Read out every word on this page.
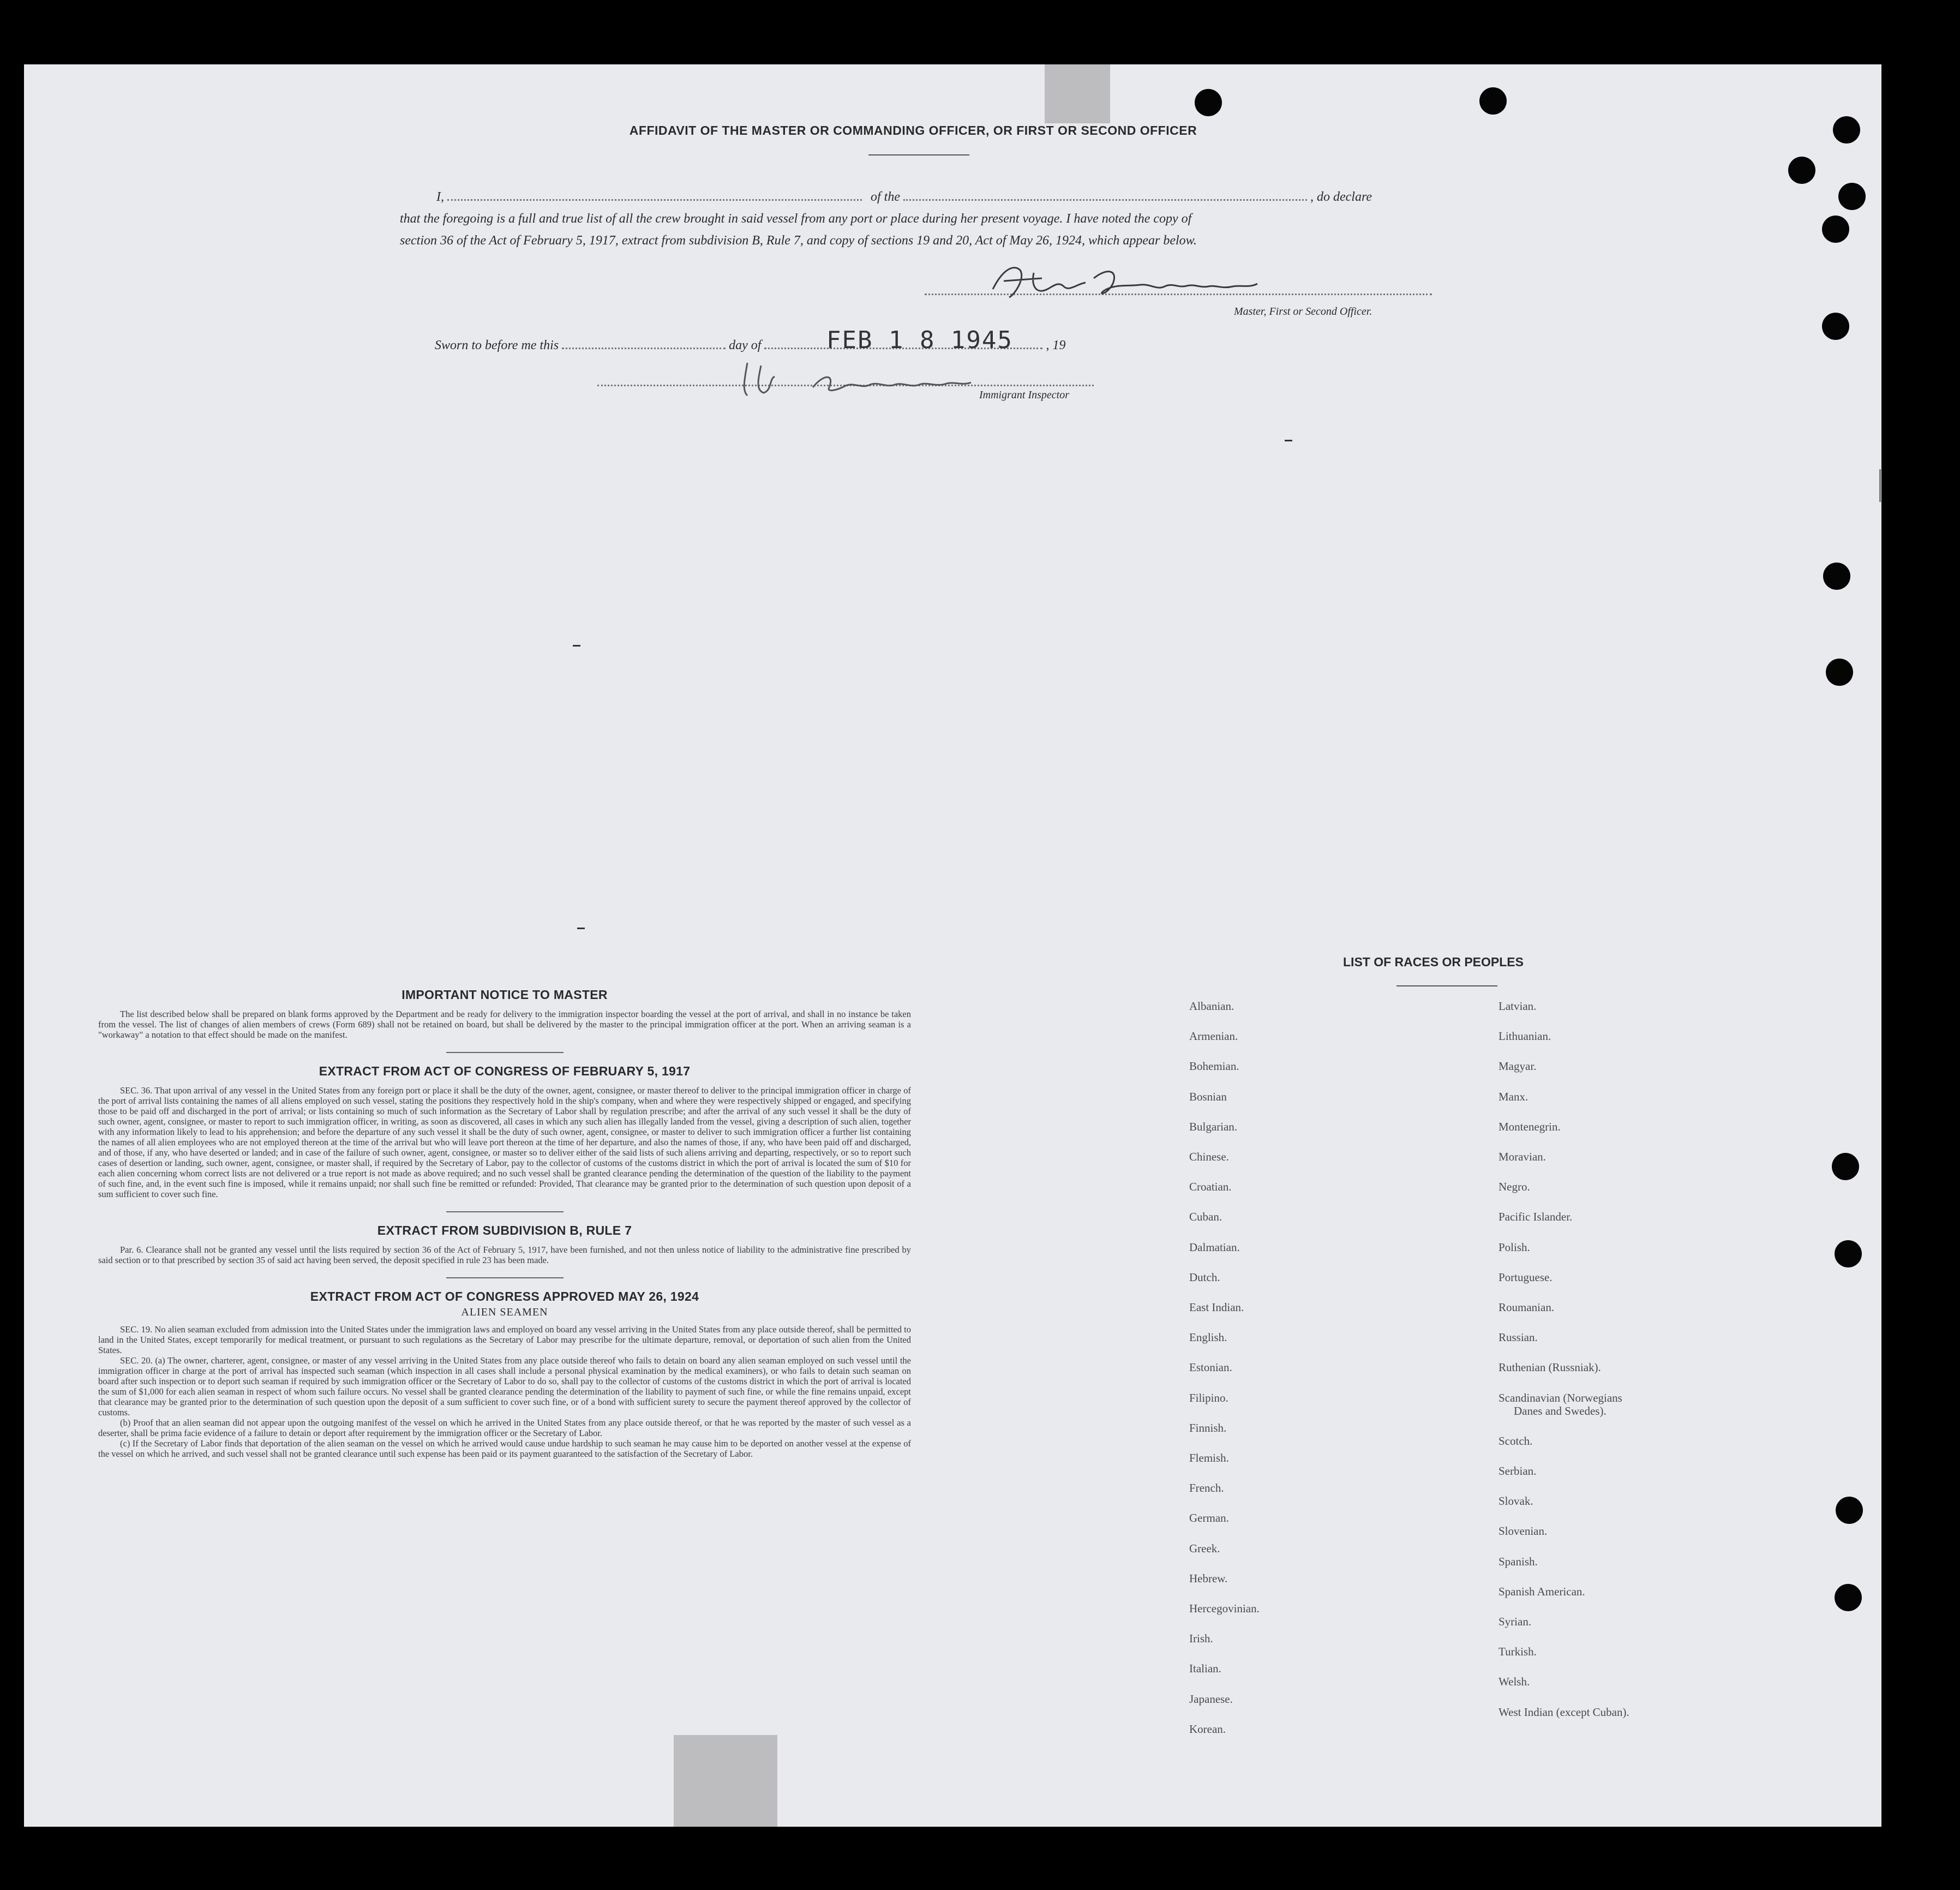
AFFIDAVIT OF THE MASTER OR COMMANDING OFFICER, OR FIRST OR SECOND OFFICER
I,	of the	, do declare
that the foregoing is a full and true list of all the crew brought in said vessel from any port or place during her present voyage. I have noted the copy of
section 36 of the Act of February 5, 1917, extract from subdivision B, Rule 7, and copy of sections 19 and 20, Act of May 26, 1924, which appear below.
Master, First or Second Officer.
Sworn to before me this	day of	, 19
FEB 1 8 1945
Immigrant Inspector
IMPORTANT NOTICE TO MASTER
The list described below shall be prepared on blank forms approved by the Department and be ready for delivery to the immigration inspector boarding the vessel at the port of arrival, and shall in no instance be taken from the vessel. The list of changes of alien members of crews (Form 689) shall not be retained on board, but shall be delivered by the master to the principal immigration officer at the port. When an arriving seaman is a "workaway" a notation to that effect should be made on the manifest.
EXTRACT FROM ACT OF CONGRESS OF FEBRUARY 5, 1917
SEC. 36. That upon arrival of any vessel in the United States from any foreign port or place it shall be the duty of the owner, agent, consignee, or master thereof to deliver to the principal immigration officer in charge of the port of arrival lists containing the names of all aliens employed on such vessel, stating the positions they respectively hold in the ship's company, when and where they were respectively shipped or engaged, and specifying those to be paid off and discharged in the port of arrival; or lists containing so much of such information as the Secretary of Labor shall by regulation prescribe; and after the arrival of any such vessel it shall be the duty of such owner, agent, consignee, or master to report to such immigration officer, in writing, as soon as discovered, all cases in which any such alien has illegally landed from the vessel, giving a description of such alien, together with any information likely to lead to his apprehension; and before the departure of any such vessel it shall be the duty of such owner, agent, consignee, or master to deliver to such immigration officer a further list containing the names of all alien employees who are not employed thereon at the time of the arrival but who will leave port thereon at the time of her departure, and also the names of those, if any, who have been paid off and discharged, and of those, if any, who have deserted or landed; and in case of the failure of such owner, agent, consignee, or master so to deliver either of the said lists of such aliens arriving and departing, respectively, or so to report such cases of desertion or landing, such owner, agent, consignee, or master shall, if required by the Secretary of Labor, pay to the collector of customs of the customs district in which the port of arrival is located the sum of $10 for each alien concerning whom correct lists are not delivered or a true report is not made as above required; and no such vessel shall be granted clearance pending the determination of the question of the liability to the payment of such fine, and, in the event such fine is imposed, while it remains unpaid; nor shall such fine be remitted or refunded: Provided, That clearance may be granted prior to the determination of such question upon deposit of a sum sufficient to cover such fine.
EXTRACT FROM SUBDIVISION B, RULE 7
Par. 6. Clearance shall not be granted any vessel until the lists required by section 36 of the Act of February 5, 1917, have been furnished, and not then unless notice of liability to the administrative fine prescribed by said section or to that prescribed by section 35 of said act having been served, the deposit specified in rule 23 has been made.
EXTRACT FROM ACT OF CONGRESS APPROVED MAY 26, 1924
ALIEN SEAMEN
SEC. 19. No alien seaman excluded from admission into the United States under the immigration laws and employed on board any vessel arriving in the United States from any place outside thereof, shall be permitted to land in the United States, except temporarily for medical treatment, or pursuant to such regulations as the Secretary of Labor may prescribe for the ultimate departure, removal, or deportation of such alien from the United States.
SEC. 20. (a) The owner, charterer, agent, consignee, or master of any vessel arriving in the United States from any place outside thereof who fails to detain on board any alien seaman employed on such vessel until the immigration officer in charge at the port of arrival has inspected such seaman (which inspection in all cases shall include a personal physical examination by the medical examiners), or who fails to detain such seaman on board after such inspection or to deport such seaman if required by such immigration officer or the Secretary of Labor to do so, shall pay to the collector of customs of the customs district in which the port of arrival is located the sum of $1,000 for each alien seaman in respect of whom such failure occurs. No vessel shall be granted clearance pending the determination of the liability to payment of such fine, or while the fine remains unpaid, except that clearance may be granted prior to the determination of such question upon the deposit of a sum sufficient to cover such fine, or of a bond with sufficient surety to secure the payment thereof approved by the collector of customs.
(b) Proof that an alien seaman did not appear upon the outgoing manifest of the vessel on which he arrived in the United States from any place outside thereof, or that he was reported by the master of such vessel as a deserter, shall be prima facie evidence of a failure to detain or deport after requirement by the immigration officer or the Secretary of Labor.
(c) If the Secretary of Labor finds that deportation of the alien seaman on the vessel on which he arrived would cause undue hardship to such seaman he may cause him to be deported on another vessel at the expense of the vessel on which he arrived, and such vessel shall not be granted clearance until such expense has been paid or its payment guaranteed to the satisfaction of the Secretary of Labor.
LIST OF RACES OR PEOPLES
Albanian.
Armenian.
Bohemian.
Bosnian
Bulgarian.
Chinese.
Croatian.
Cuban.
Dalmatian.
Dutch.
East Indian.
English.
Estonian.
Filipino.
Finnish.
Flemish.
French.
German.
Greek.
Hebrew.
Hercegovinian.
Irish.
Italian.
Japanese.
Korean.
Latvian.
Lithuanian.
Magyar.
Manx.
Montenegrin.
Moravian.
Negro.
Pacific Islander.
Polish.
Portuguese.
Roumanian.
Russian.
Ruthenian (Russniak).
Scandinavian (Norwegians
Danes and Swedes).
Scotch.
Serbian.
Slovak.
Slovenian.
Spanish.
Spanish American.
Syrian.
Turkish.
Welsh.
West Indian (except Cuban).
